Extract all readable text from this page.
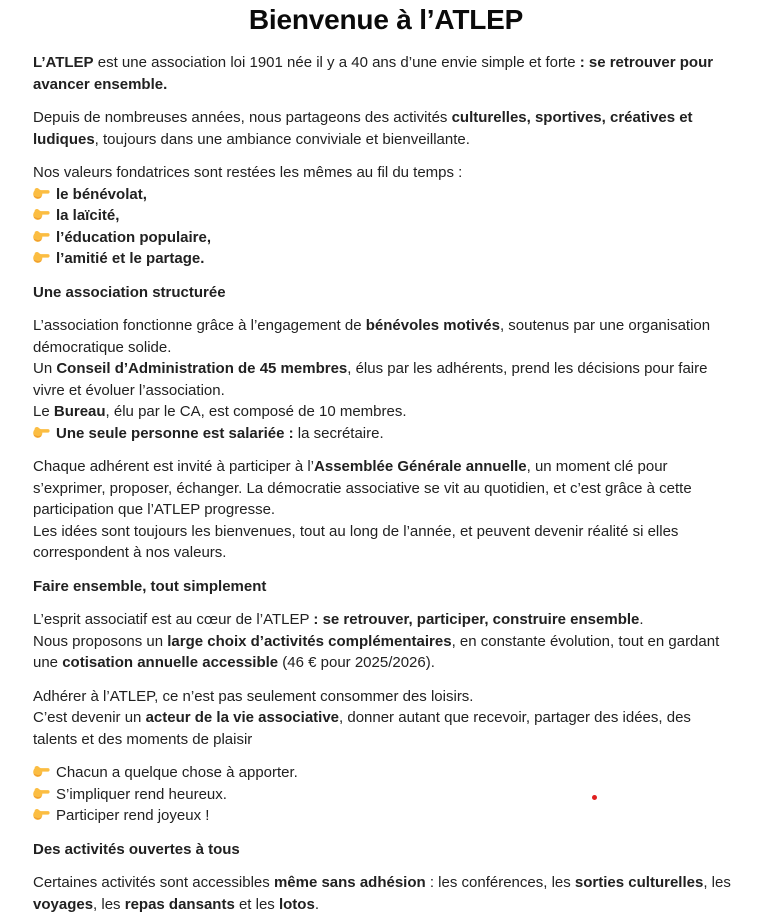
Bienvenue à l’ATLEP

L’ATLEP est une association loi 1901 née il y a 40 ans d’une envie simple et forte : se retrouver pour avancer ensemble.

Depuis de nombreuses années, nous partageons des activités culturelles, sportives, créatives et ludiques, toujours dans une ambiance conviviale et bienveillante.

Nos valeurs fondatrices sont restées les mêmes au fil du temps :
le bénévolat,
la laïcité,
l’éducation populaire,
l’amitié et le partage.

Une association structurée

L’association fonctionne grâce à l’engagement de bénévoles motivés, soutenus par une organisation démocratique solide.
Un Conseil d’Administration de 45 membres, élus par les adhérents, prend les décisions pour faire vivre et évoluer l’association.
Le Bureau, élu par le CA, est composé de 10 membres.
Une seule personne est salariée : la secrétaire.

Chaque adhérent est invité à participer à l’Assemblée Générale annuelle, un moment clé pour s’exprimer, proposer, échanger. La démocratie associative se vit au quotidien, et c’est grâce à cette participation que l’ATLEP progresse.
Les idées sont toujours les bienvenues, tout au long de l’année, et peuvent devenir réalité si elles correspondent à nos valeurs.

Faire ensemble, tout simplement

L’esprit associatif est au cœur de l’ATLEP : se retrouver, participer, construire ensemble.
Nous proposons un large choix d’activités complémentaires, en constante évolution, tout en gardant une cotisation annuelle accessible (46 € pour 2025/2026).

Adhérer à l’ATLEP, ce n’est pas seulement consommer des loisirs.
C’est devenir un acteur de la vie associative, donner autant que recevoir, partager des idées, des talents et des moments de plaisir

Chacun a quelque chose à apporter.
S’impliquer rend heureux.
Participer rend joyeux !

Des activités ouvertes à tous

Certaines activités sont accessibles même sans adhésion : les conférences, les sorties culturelles, les voyages, les repas dansants et les lotos.
